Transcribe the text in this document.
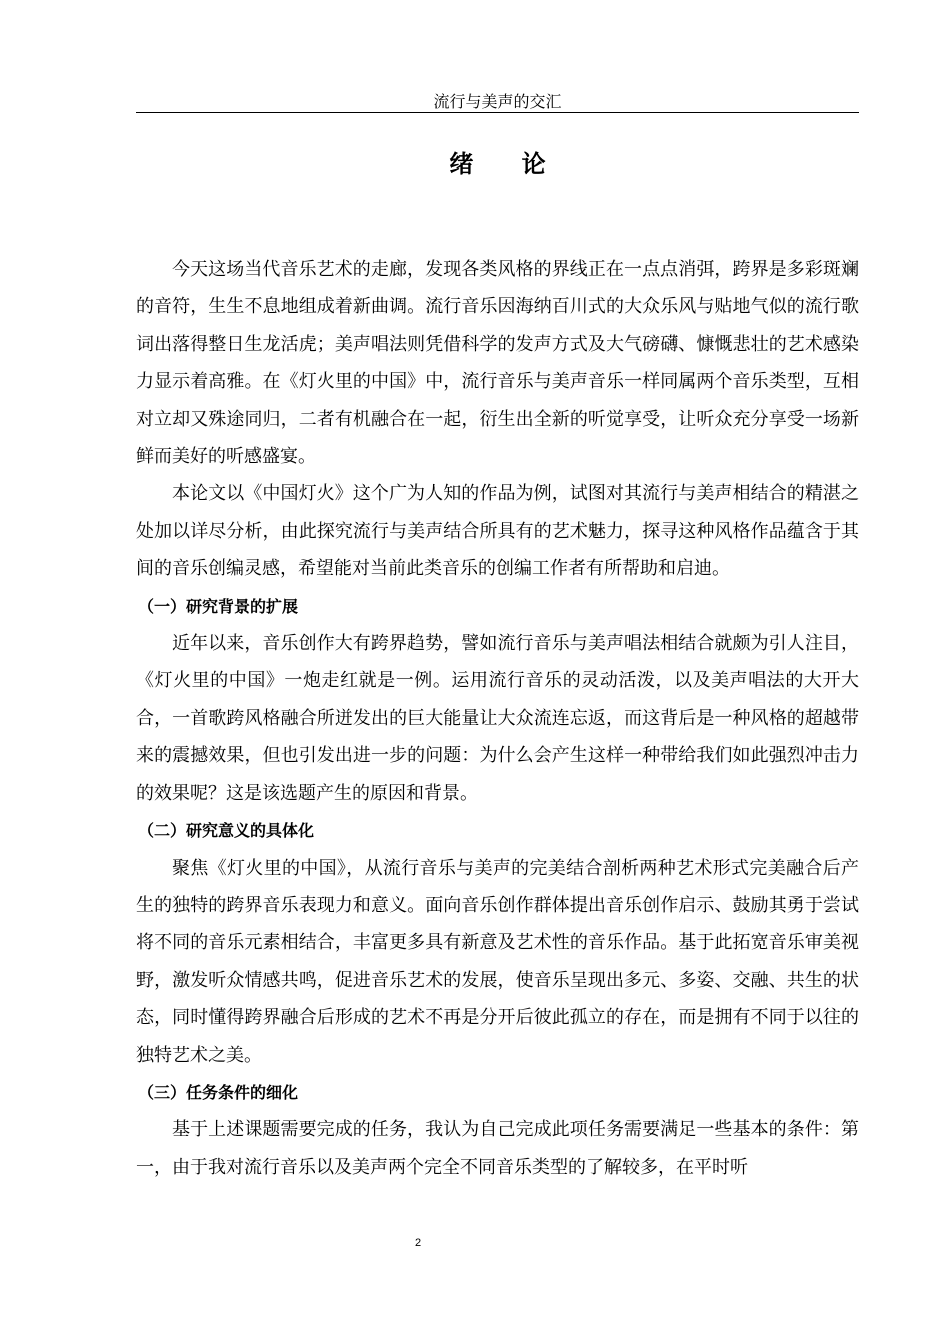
流行与美声的交汇
绪 论

今天这场当代音乐艺术的走廊，发现各类风格的界线正在一点点消弭，跨界是多彩斑斓的音符，生生不息地组成着新曲调。流行音乐因海纳百川式的大众乐风与贴地气似的流行歌词出落得整日生龙活虎；美声唱法则凭借科学的发声方式及大气磅礴、慷慨悲壮的艺术感染力显示着高雅。在《灯火里的中国》中，流行音乐与美声音乐一样同属两个音乐类型，互相对立却又殊途同归，二者有机融合在一起，衍生出全新的听觉享受，让听众充分享受一场新鲜而美好的听感盛宴。

本论文以《中国灯火》这个广为人知的作品为例，试图对其流行与美声相结合的精湛之处加以详尽分析，由此探究流行与美声结合所具有的艺术魅力，探寻这种风格作品蕴含于其间的音乐创编灵感，希望能对当前此类音乐的创编工作者有所帮助和启迪。

（一）研究背景的扩展

近年以来，音乐创作大有跨界趋势，譬如流行音乐与美声唱法相结合就颇为引人注目，《灯火里的中国》一炮走红就是一例。运用流行音乐的灵动活泼，以及美声唱法的大开大合，一首歌跨风格融合所迸发出的巨大能量让大众流连忘返，而这背后是一种风格的超越带来的震撼效果，但也引发出进一步的问题：为什么会产生这样一种带给我们如此强烈冲击力的效果呢？这是该选题产生的原因和背景。

（二）研究意义的具体化

聚焦《灯火里的中国》，从流行音乐与美声的完美结合剖析两种艺术形式完美融合后产生的独特的跨界音乐表现力和意义。面向音乐创作群体提出音乐创作启示、鼓励其勇于尝试将不同的音乐元素相结合，丰富更多具有新意及艺术性的音乐作品。基于此拓宽音乐审美视野，激发听众情感共鸣，促进音乐艺术的发展，使音乐呈现出多元、多姿、交融、共生的状态，同时懂得跨界融合后形成的艺术不再是分开后彼此孤立的存在，而是拥有不同于以往的独特艺术之美。

（三）任务条件的细化

基于上述课题需要完成的任务，我认为自己完成此项任务需要满足一些基本的条件：第一，由于我对流行音乐以及美声两个完全不同音乐类型的了解较多，在平时听

2
